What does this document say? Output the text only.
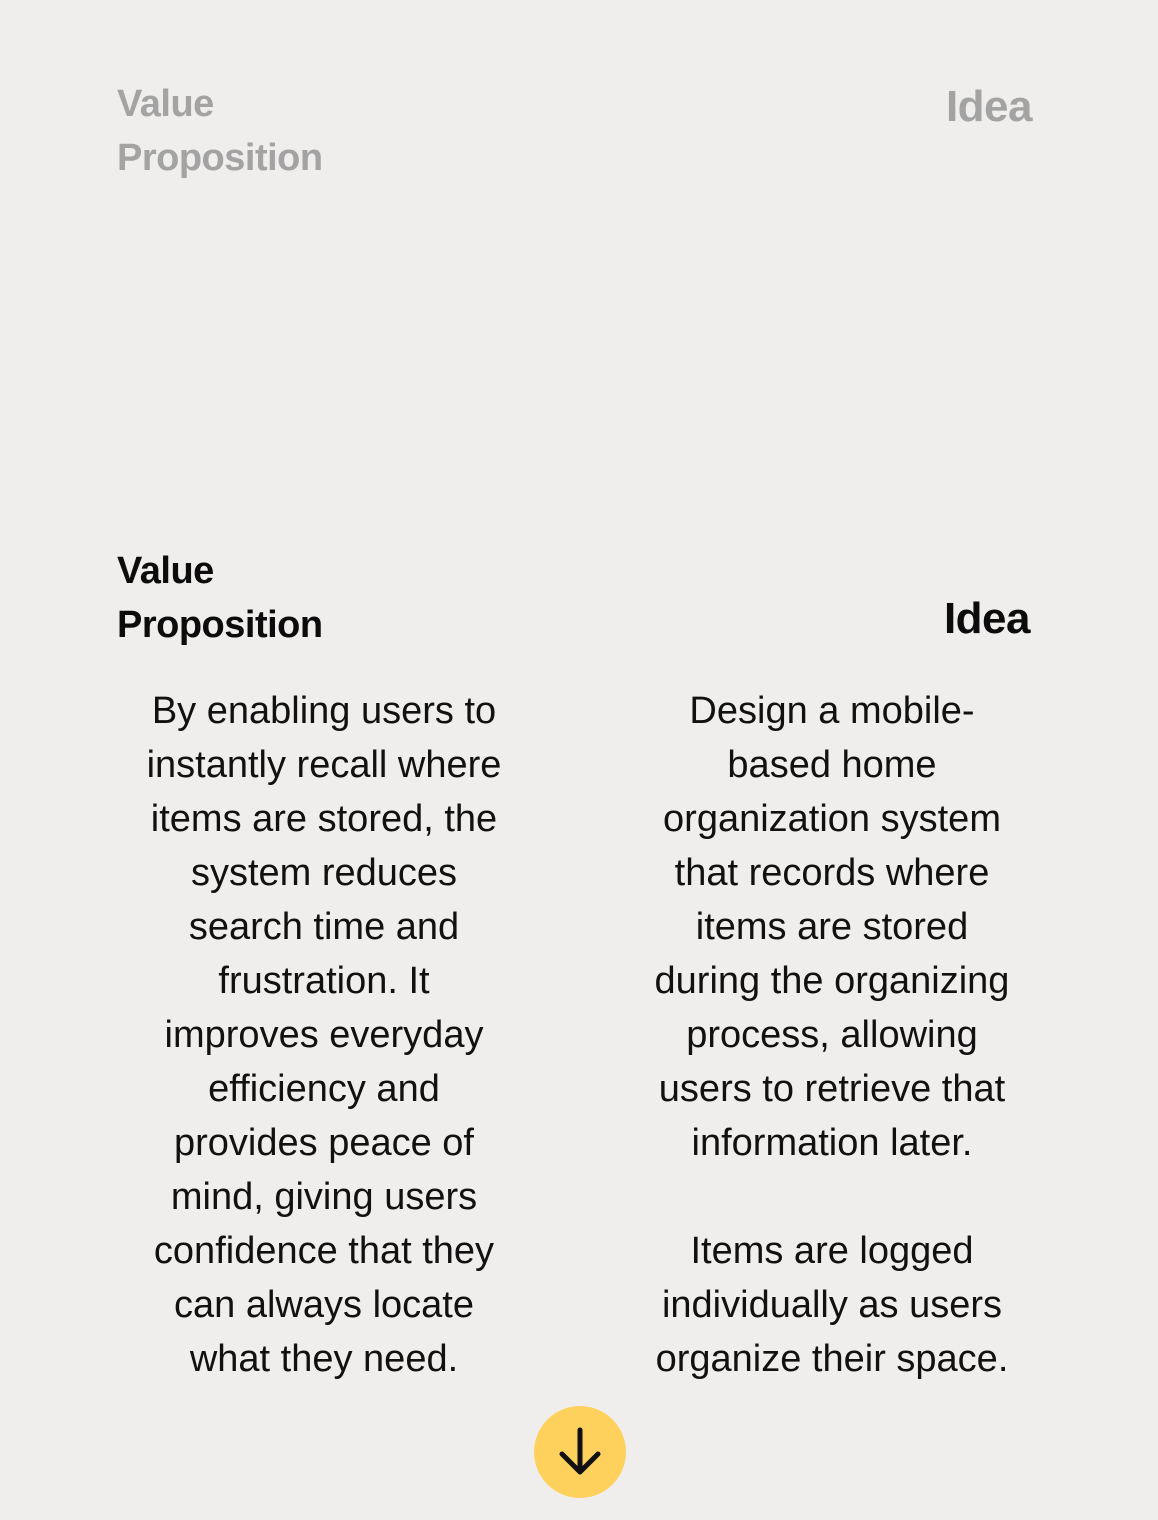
Value
Proposition
Idea
Value
Proposition	Idea
By enabling users to
instantly recall where
items are stored, the
system reduces
search time and
frustration. It
improves everyday
efficiency and
provides peace of
mind, giving users
confidence that they
can always locate
what they need.
Design a mobile-
based home
organization system
that records where
items are stored
during the organizing
process, allowing
users to retrieve that
information later.

Items are logged
individually as users
organize their space.
